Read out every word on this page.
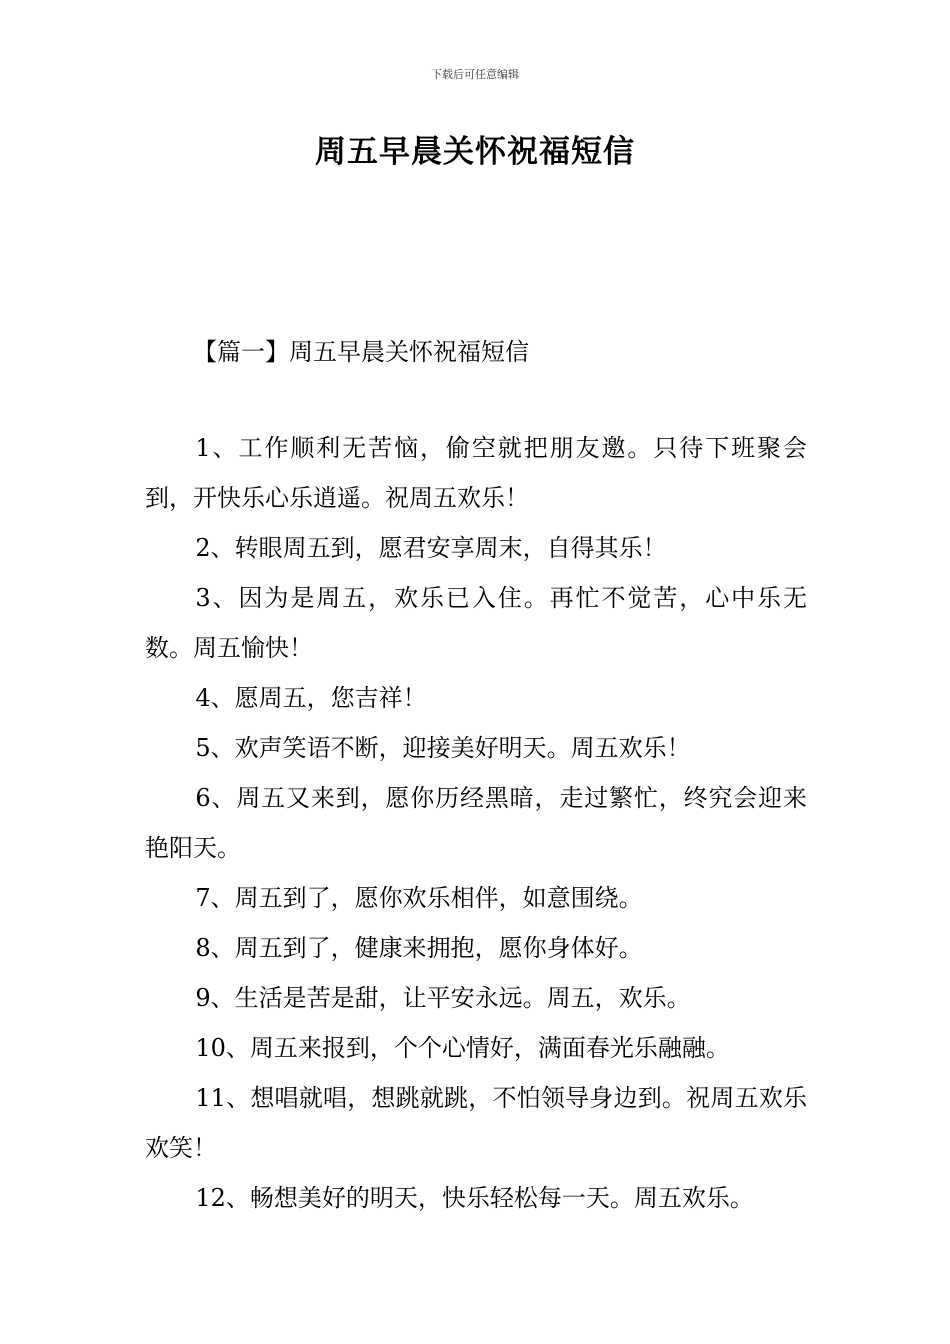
下载后可任意编辑
周五早晨关怀祝福短信
【篇一】周五早晨关怀祝福短信

1、工作顺利无苦恼，偷空就把朋友邀。只待下班聚会到，开快乐心乐逍遥。祝周五欢乐！

2、转眼周五到，愿君安享周末，自得其乐！

3、因为是周五，欢乐已入住。再忙不觉苦，心中乐无数。周五愉快！

4、愿周五，您吉祥！

5、欢声笑语不断，迎接美好明天。周五欢乐！

6、周五又来到，愿你历经黑暗，走过繁忙，终究会迎来艳阳天。

7、周五到了，愿你欢乐相伴，如意围绕。

8、周五到了，健康来拥抱，愿你身体好。

9、生活是苦是甜，让平安永远。周五，欢乐。

10、周五来报到，个个心情好，满面春光乐融融。

11、想唱就唱，想跳就跳，不怕领导身边到。祝周五欢乐欢笑！

12、畅想美好的明天，快乐轻松每一天。周五欢乐。
